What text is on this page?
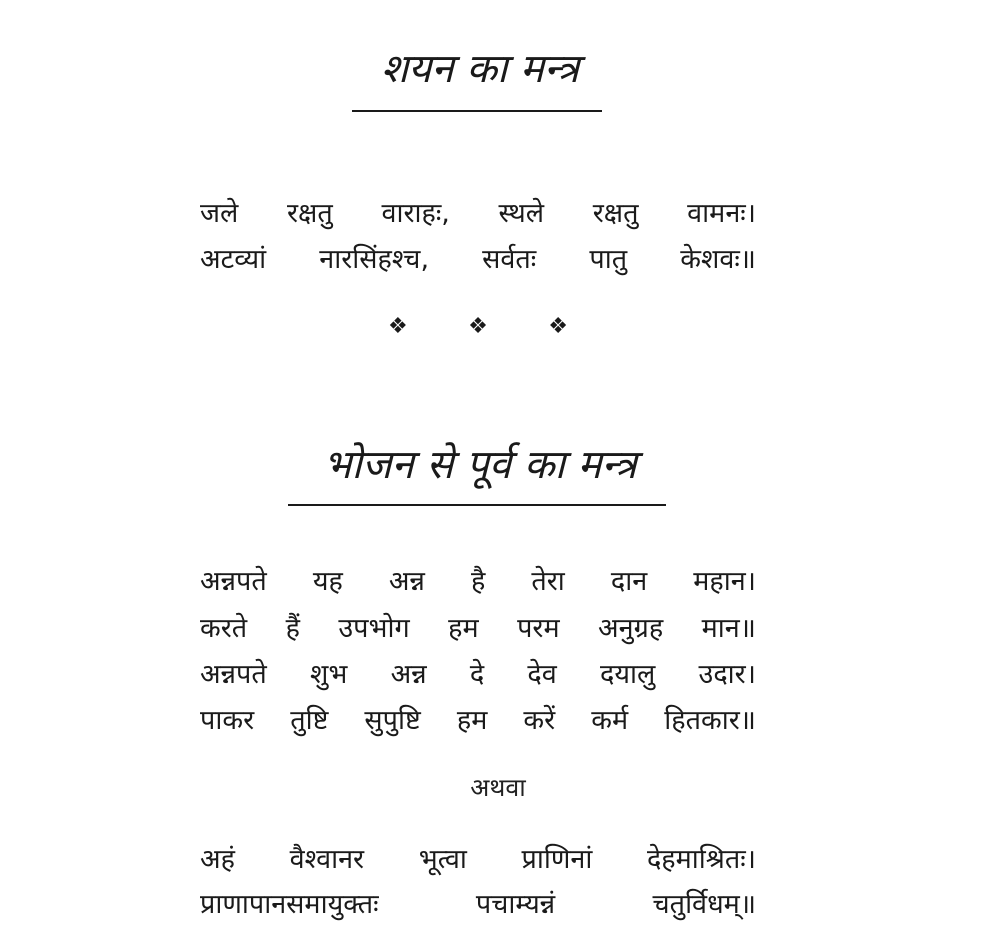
शयन का मन्त्र
जले रक्षतु वाराहः, स्थले रक्षतु वामनः।
अटव्यां नारसिंहश्च, सर्वतः पातु केशवः॥
❖	❖	❖
भोजन से पूर्व का मन्त्र
अन्नपते यह अन्न है तेरा दान महान।
करते हैं उपभोग हम परम अनुग्रह मान॥
अन्नपते शुभ अन्न दे देव दयालु उदार।
पाकर तुष्टि सुपुष्टि हम करें कर्म हितकार॥
अथवा
अहं वैश्वानर भूत्वा प्राणिनां देहमाश्रितः।
प्राणापानसमायुक्तः	पचाम्यन्नं	चतुर्विधम्॥
